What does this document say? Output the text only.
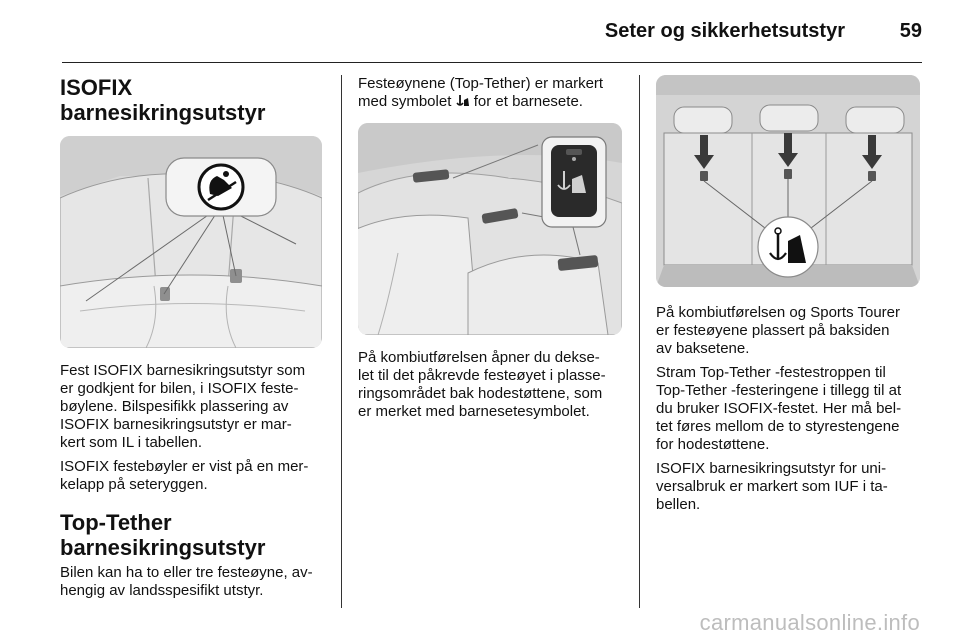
Seter og sikkerhetsutstyr	59
ISOFIX
barnesikringsutstyr

Fest ISOFIX barnesikringsutstyr som
er godkjent for bilen, i ISOFIX feste-
bøylene. Bilspesifikk plassering av
ISOFIX barnesikringsutstyr er mar-
kert som IL i tabellen.

ISOFIX festebøyler er vist på en mer-
kelapp på seteryggen.

Top-Tether
barnesikringsutstyr

Bilen kan ha to eller tre festeøyne, av-
hengig av landsspesifikt utstyr.

Festeøynene (Top-Tether) er markert
med symbolet for et barnesete.

På kombiutførelsen åpner du dekse-
let til det påkrevde festeøyet i plasse-
ringsområdet bak hodestøttene, som
er merket med barnesetesymbolet.

På kombiutførelsen og Sports Tourer
er festeøyene plassert på baksiden
av baksetene.

Stram Top-Tether -festestroppen til
Top-Tether -festeringene i tillegg til at
du bruker ISOFIX-festet. Her må bel-
tet føres mellom de to styrestengene
for hodestøttene.

ISOFIX barnesikringsutstyr for uni-
versalbruk er markert som IUF i ta-
bellen.

carmanualsonline.info
